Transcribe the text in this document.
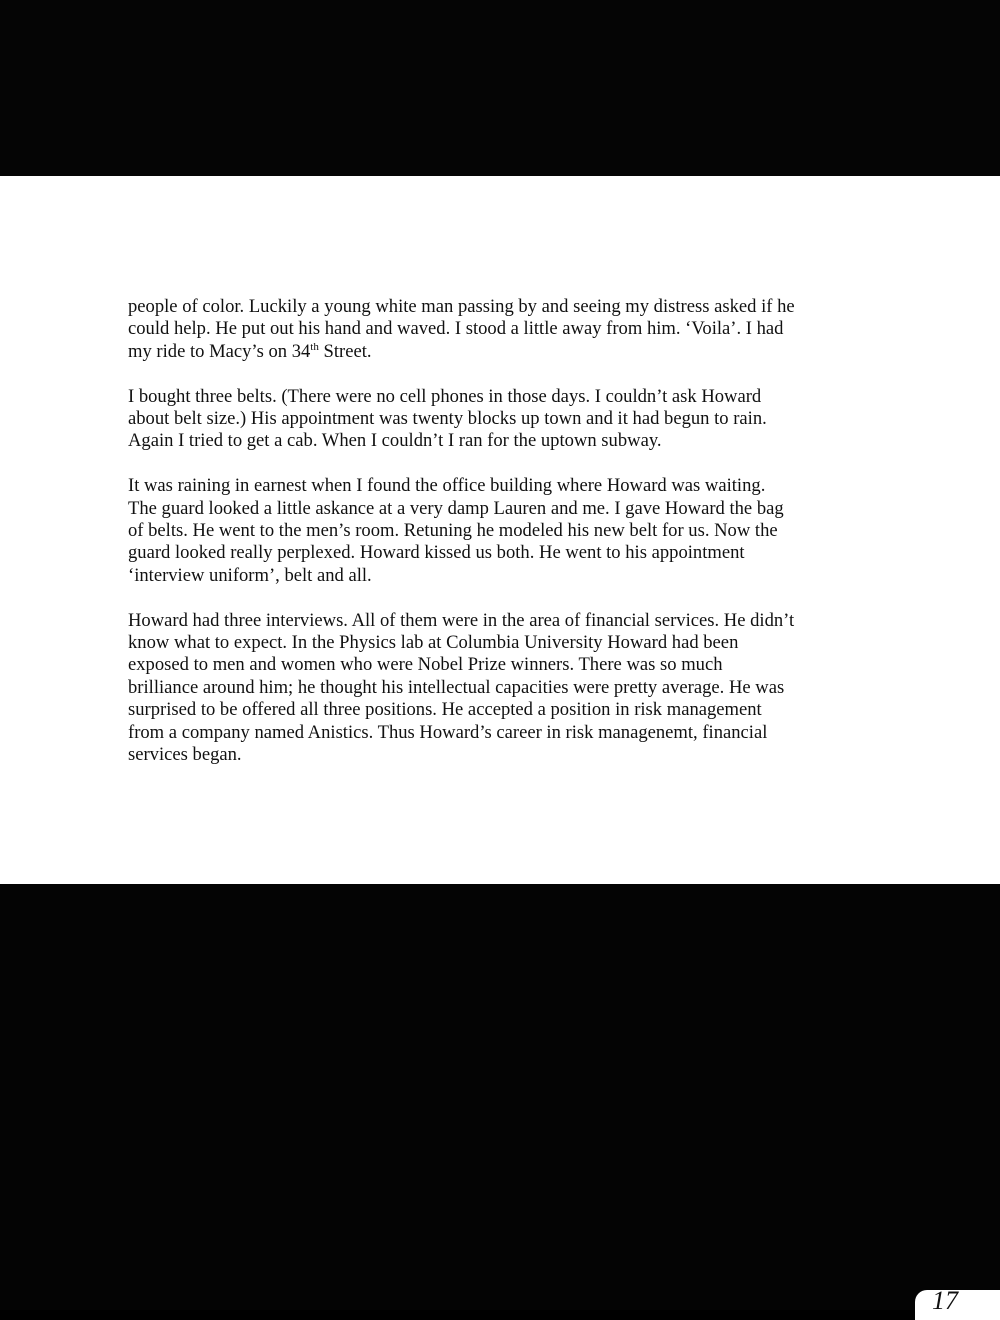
people of color. Luckily a young white man passing by and seeing my distress asked if he
could help. He put out his hand and waved. I stood a little away from him. ‘Voila’. I had
my ride to Macy’s on 34th Street.

I bought three belts. (There were no cell phones in those days. I couldn’t ask Howard
about belt size.) His appointment was twenty blocks up town and it had begun to rain.
Again I tried to get a cab. When I couldn’t I ran for the uptown subway.

It was raining in earnest when I found the office building where Howard was waiting.
The guard looked a little askance at a very damp Lauren and me. I gave Howard the bag
of belts. He went to the men’s room. Retuning he modeled his new belt for us. Now the
guard looked really perplexed. Howard kissed us both. He went to his appointment
‘interview uniform’, belt and all.

Howard had three interviews. All of them were in the area of financial services. He didn’t
know what to expect. In the Physics lab at Columbia University Howard had been
exposed to men and women who were Nobel Prize winners. There was so much
brilliance around him; he thought his intellectual capacities were pretty average. He was
surprised to be offered all three positions. He accepted a position in risk management
from a company named Anistics. Thus Howard’s career in risk managenemt, financial
services began.

17
